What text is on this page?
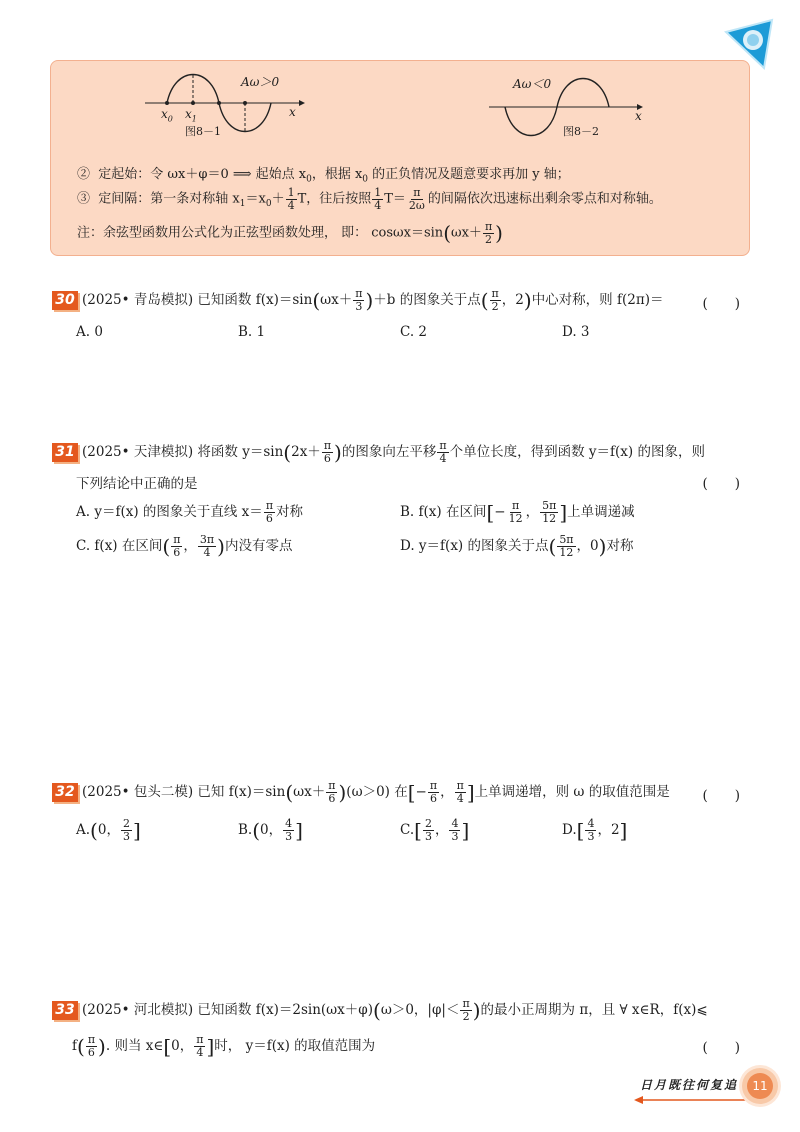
Aω＞0
x
$x_0$ $x_1$
图8－1
Aω＜0
x
图8－2
② 定起始：令 ωx＋φ＝0 ⟹ 起始点 $x_0$，根据 $x_0$ 的正负情况及题意要求再加 y 轴；
③ 定间隔：第一条对称轴 $x_1=x_0+ \frac{1}{4}$ T，往后按照 $\frac{1}{4} T= \frac{\pi}{2\omega}$ 的间隔依次迅速标出剩余零点和对称轴。
注：余弦型函数用公式化为正弦型函数处理， 即： $\cos\omega x=\sin(\omega x+ \frac{\pi}{2}$ )
30 (2025• 青岛模拟) 已知函数 $f(x)=\sin(\omega x+ \frac{\pi}{3} )+b$ 的图象关于点( $\frac{\pi}{2}$ ，2)中心对称，则 f(2π)＝	(　　)
A. 0	B. 1	C. 2	D. 3
31 (2025• 天津模拟) 将函数 $y=\sin(2x+ \frac{\pi}{6}$ )的图象向左平移 $\frac{\pi}{4}$ 个单位长度，得到函数 y＝f(x) 的图象，则
下列结论中正确的是	(　　)
A. y＝f(x) 的图象关于直线 $x= \frac{\pi}{6}$ 对称	B. f(x) 在区间[− $\frac{\pi}{12}$ ， $\frac{5\pi}{12}$ ]上单调递减
C. f(x) 在区间( $\frac{\pi}{6}$ ， $\frac{3\pi}{4}$ )内没有零点	D. y＝f(x) 的图象关于点( $\frac{5\pi}{12}$ ，0)对称
32 (2025• 包头二模) 已知 $f(x)=\sin(\omega x+ \frac{\pi}{6} )(\omega>0)$ 在[− $\frac{\pi}{6}$ ， $\frac{\pi}{4}$ ]上单调递增，则 ω 的取值范围是 (　　)
A.(0， $\frac{2}{3}$ ]	B.(0， $\frac{4}{3}$ ]	$C.[ \frac{2}{3}$ ， $\frac{4}{3}$ ]	$D.[ \frac{4}{3}$ ，2]
33 (2025• 河北模拟) 已知函数 f(x)＝2sin(ωx＋φ)(ω＞0，$|\varphi|< \frac{\pi}{2}$ )的最小正周期为 π，且 ∀ x∈R，f(x)⩽
$f( \frac{\pi}{6}$ ). 则当 x∈[0， $\frac{\pi}{4}$ ]时， y＝f(x) 的取值范围为	(　　)
日月既往何复追	11
